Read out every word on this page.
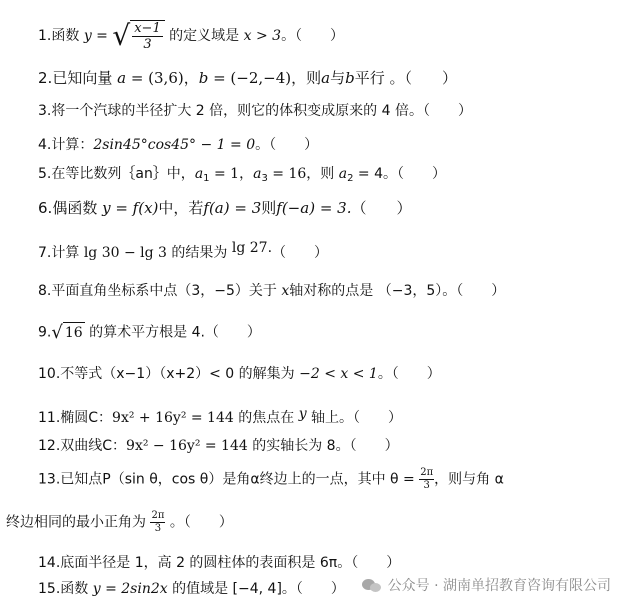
1.函数 y = √ $\frac{x-1}{3}$ 的定义域是 x > 3。（　　）
2.已知向量 a = (3,6)，b = (−2,−4)，则a与b平行 。（　　）
3.将一个汽球的半径扩大 2 倍，则它的体积变成原来的 4 倍。（　　）
4.计算：2sin45°cos45° − 1 = 0。（　　）
5.在等比数列｛an｝中，$a_1 = 1$，$a_3 = 16$，则 $a_2 = 4$。（　　）
6.偶函数 y = f(x)中，若f(a) = 3则f(−a) = 3.（　　）
7.计算 lg 30 − lg 3 的结果为 lg 27.（　　）
8.平面直角坐标系中点（3，−5）关于 x轴对称的点是 （−3，5）。（　　）
9. √ 16 的算术平方根是 4.（　　）
10.不等式（x−1）（x+2）< 0 的解集为 −2 < x < 1。（　　）
11.椭圆C：9x² + 16y² = 144 的焦点在 y 轴上。（　　）
12.双曲线C：9x² − 16y² = 144 的实轴长为 8。（　　）
13.已知点P（sin θ，cos θ）是角α终边上的一点，其中 $\theta = \frac{2\pi}{3}$ ，则与角 α
终边相同的最小正角为 $\frac{2\pi}{3}$ 。（　　）
14.底面半径是 1，高 2 的圆柱体的表面积是 6π。（　　）
15.函数 y = 2sin2x 的值域是 [−4, 4]。（　　）	公众号 · 湖南单招教育咨询有限公司
